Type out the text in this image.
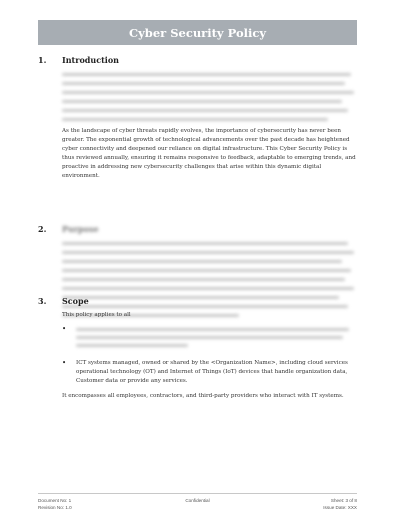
Cyber Security Policy
1.	Introduction
As the landscape of cyber threats rapidly evolves, the importance of cybersecurity has never been greater. The exponential growth of technological advancements over the past decade has heightened cyber connectivity and deepened our reliance on digital infrastructure. This Cyber Security Policy is thus reviewed annually, ensuring it remains responsive to feedback, adaptable to emerging trends, and proactive in addressing new cybersecurity challenges that arise within this dynamic digital environment.
2.	Purpose
3.	Scope
This policy applies to all
•
•	ICT systems managed, owned or shared by the <Organization Name>, including cloud services operational technology (OT) and Internet of Things (IoT) devices that handle organization data, Customer data or provide any services.
It encompasses all employees, contractors, and third-party providers who interact with IT systems.
Document No: 1
Revision No: 1.0
Confidential	Sheet: 3 of 8
Issue Date: XXX
